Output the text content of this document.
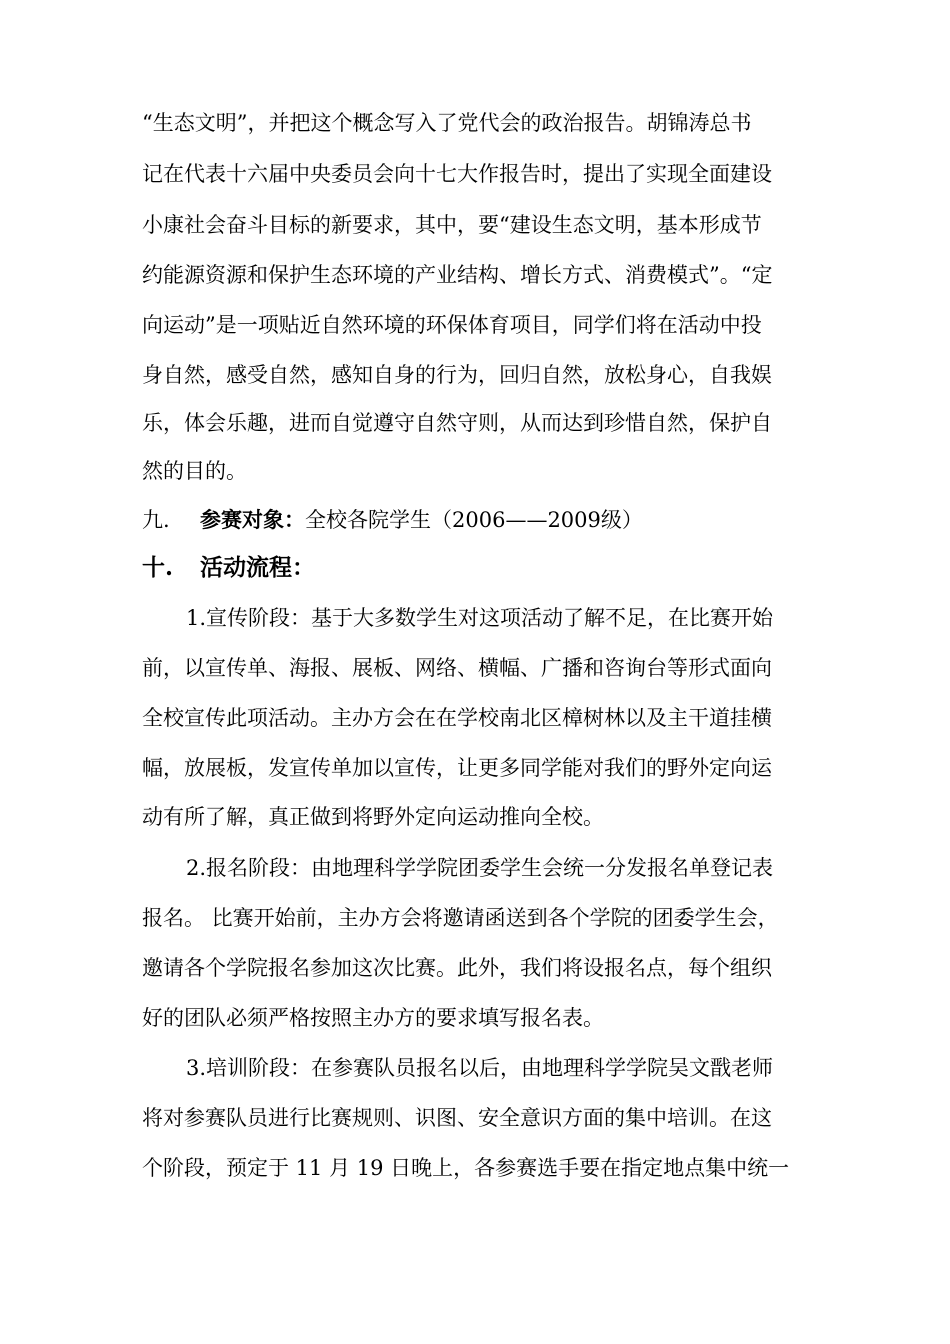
“生态文明”，并把这个概念写入了党代会的政治报告。胡锦涛总书
记在代表十六届中央委员会向十七大作报告时，提出了实现全面建设
小康社会奋斗目标的新要求，其中，要“建设生态文明，基本形成节
约能源资源和保护生态环境的产业结构、增长方式、消费模式”。“定
向运动”是一项贴近自然环境的环保体育项目，同学们将在活动中投
身自然，感受自然，感知自身的行为，回归自然，放松身心，自我娱
乐，体会乐趣，进而自觉遵守自然守则，从而达到珍惜自然，保护自
然的目的。
九. 参赛对象：全校各院学生（2006——2009级）
十. 活动流程：
1.宣传阶段：基于大多数学生对这项活动了解不足，在比赛开始
前，以宣传单、海报、展板、网络、横幅、广播和咨询台等形式面向
全校宣传此项活动。主办方会在在学校南北区樟树林以及主干道挂横
幅，放展板，发宣传单加以宣传，让更多同学能对我们的野外定向运
动有所了解，真正做到将野外定向运动推向全校。
2.报名阶段：由地理科学学院团委学生会统一分发报名单登记表
报名。 比赛开始前，主办方会将邀请函送到各个学院的团委学生会，
邀请各个学院报名参加这次比赛。此外，我们将设报名点，每个组织
好的团队必须严格按照主办方的要求填写报名表。
3.培训阶段：在参赛队员报名以后，由地理科学学院吴文戬老师
将对参赛队员进行比赛规则、识图、安全意识方面的集中培训。在这
个阶段，预定于 11 月 19 日晚上，各参赛选手要在指定地点集中统一
